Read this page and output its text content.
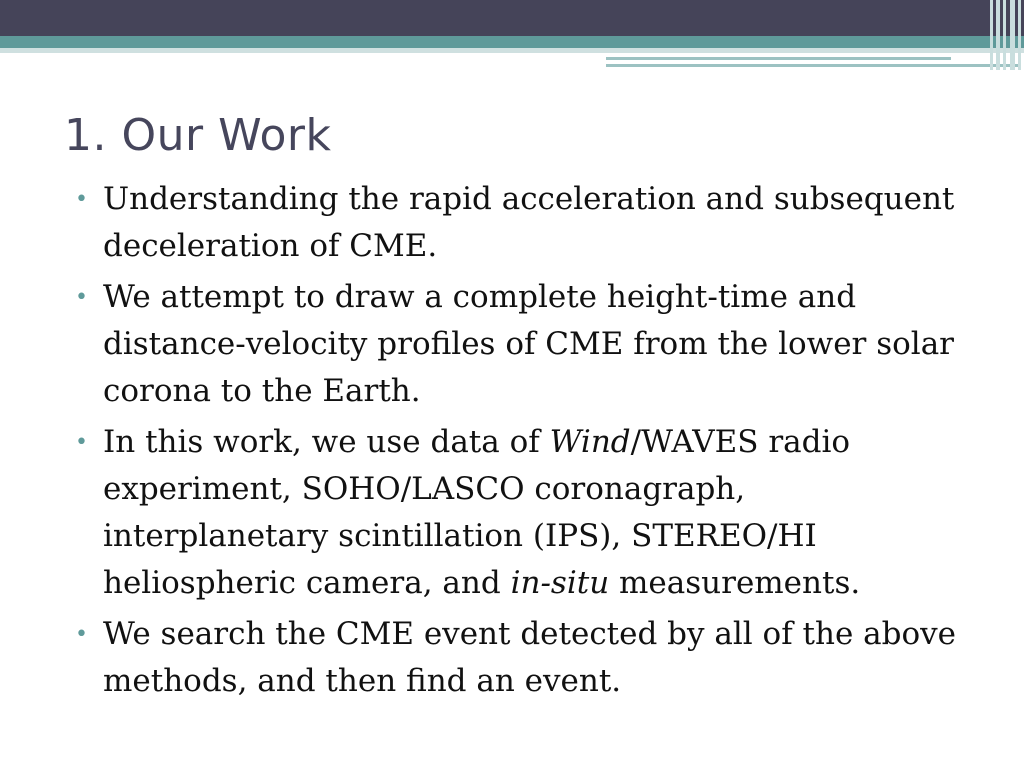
1. Our Work
• Understanding the rapid acceleration and subsequent deceleration of CME.
• We attempt to draw a complete height-time and distance-velocity profiles of CME from the lower solar corona to the Earth.
• In this work, we use data of Wind/WAVES radio experiment, SOHO/LASCO coronagraph, interplanetary scintillation (IPS), STEREO/HI heliospheric camera, and in-situ measurements.
• We search the CME event detected by all of the above methods, and then find an event.
